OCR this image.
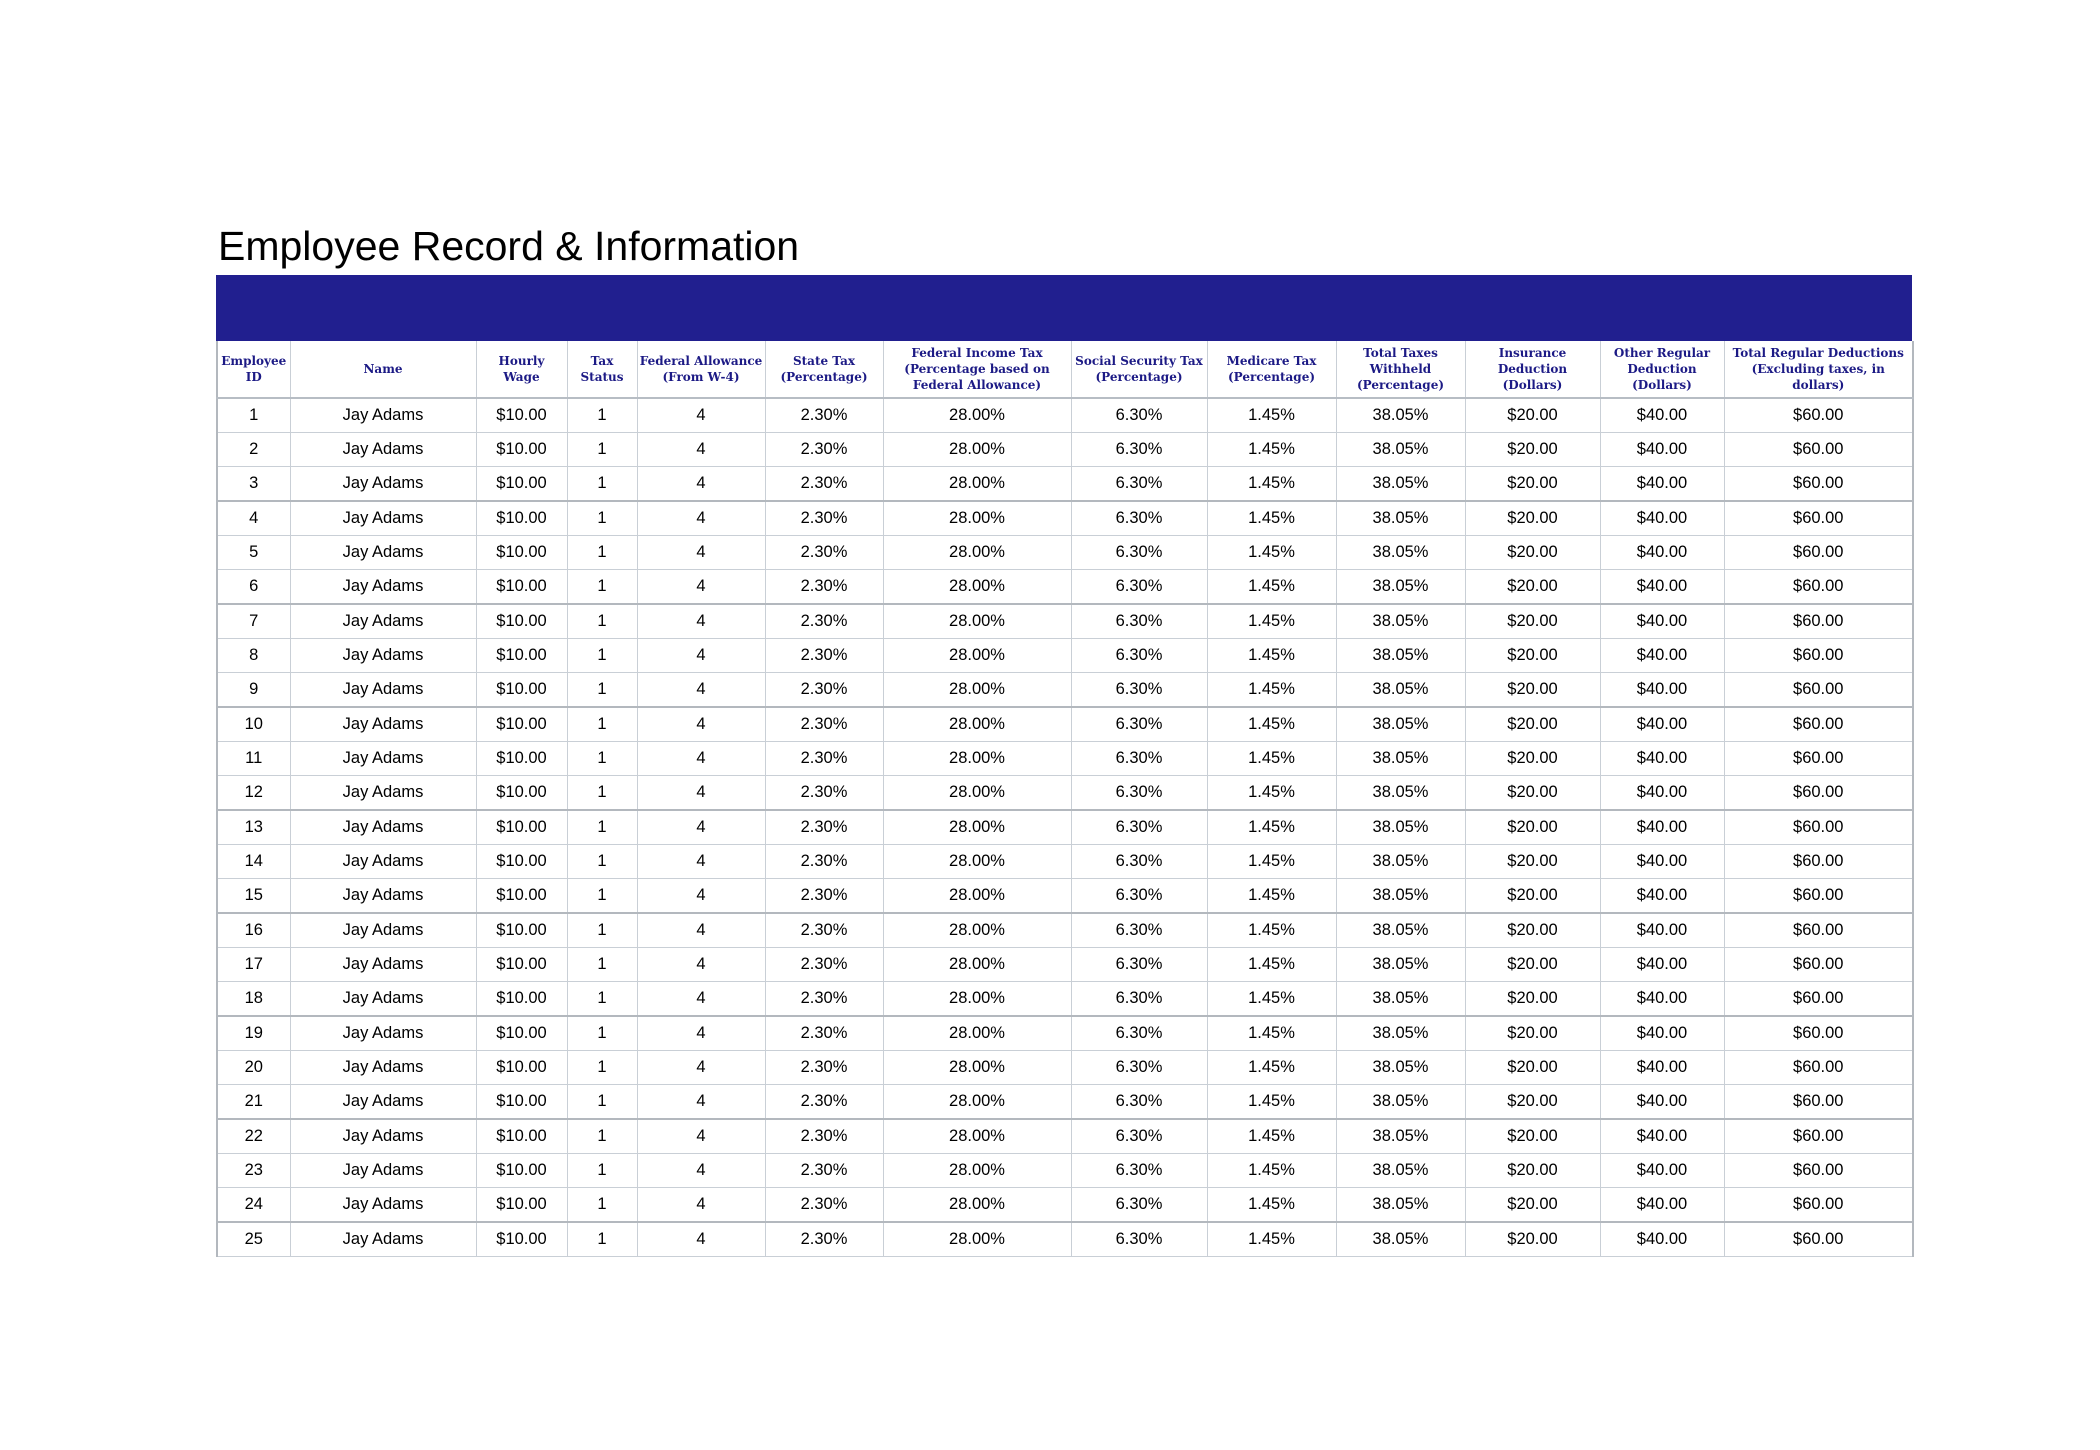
Employee Record & Information
Employee ID	Name	Hourly Wage	Tax Status	Federal Allowance (From W-4)	State Tax (Percentage)	Federal Income Tax (Percentage based on Federal Allowance)	Social Security Tax (Percentage)	Medicare Tax (Percentage)	Total Taxes Withheld (Percentage)	Insurance Deduction (Dollars)	Other Regular Deduction (Dollars)	Total Regular Deductions (Excluding taxes, in dollars)
1	Jay Adams	$10.00	1	4	2.30%	28.00%	6.30%	1.45%	38.05%	$20.00	$40.00	$60.00
2	Jay Adams	$10.00	1	4	2.30%	28.00%	6.30%	1.45%	38.05%	$20.00	$40.00	$60.00
3	Jay Adams	$10.00	1	4	2.30%	28.00%	6.30%	1.45%	38.05%	$20.00	$40.00	$60.00
4	Jay Adams	$10.00	1	4	2.30%	28.00%	6.30%	1.45%	38.05%	$20.00	$40.00	$60.00
5	Jay Adams	$10.00	1	4	2.30%	28.00%	6.30%	1.45%	38.05%	$20.00	$40.00	$60.00
6	Jay Adams	$10.00	1	4	2.30%	28.00%	6.30%	1.45%	38.05%	$20.00	$40.00	$60.00
7	Jay Adams	$10.00	1	4	2.30%	28.00%	6.30%	1.45%	38.05%	$20.00	$40.00	$60.00
8	Jay Adams	$10.00	1	4	2.30%	28.00%	6.30%	1.45%	38.05%	$20.00	$40.00	$60.00
9	Jay Adams	$10.00	1	4	2.30%	28.00%	6.30%	1.45%	38.05%	$20.00	$40.00	$60.00
10	Jay Adams	$10.00	1	4	2.30%	28.00%	6.30%	1.45%	38.05%	$20.00	$40.00	$60.00
11	Jay Adams	$10.00	1	4	2.30%	28.00%	6.30%	1.45%	38.05%	$20.00	$40.00	$60.00
12	Jay Adams	$10.00	1	4	2.30%	28.00%	6.30%	1.45%	38.05%	$20.00	$40.00	$60.00
13	Jay Adams	$10.00	1	4	2.30%	28.00%	6.30%	1.45%	38.05%	$20.00	$40.00	$60.00
14	Jay Adams	$10.00	1	4	2.30%	28.00%	6.30%	1.45%	38.05%	$20.00	$40.00	$60.00
15	Jay Adams	$10.00	1	4	2.30%	28.00%	6.30%	1.45%	38.05%	$20.00	$40.00	$60.00
16	Jay Adams	$10.00	1	4	2.30%	28.00%	6.30%	1.45%	38.05%	$20.00	$40.00	$60.00
17	Jay Adams	$10.00	1	4	2.30%	28.00%	6.30%	1.45%	38.05%	$20.00	$40.00	$60.00
18	Jay Adams	$10.00	1	4	2.30%	28.00%	6.30%	1.45%	38.05%	$20.00	$40.00	$60.00
19	Jay Adams	$10.00	1	4	2.30%	28.00%	6.30%	1.45%	38.05%	$20.00	$40.00	$60.00
20	Jay Adams	$10.00	1	4	2.30%	28.00%	6.30%	1.45%	38.05%	$20.00	$40.00	$60.00
21	Jay Adams	$10.00	1	4	2.30%	28.00%	6.30%	1.45%	38.05%	$20.00	$40.00	$60.00
22	Jay Adams	$10.00	1	4	2.30%	28.00%	6.30%	1.45%	38.05%	$20.00	$40.00	$60.00
23	Jay Adams	$10.00	1	4	2.30%	28.00%	6.30%	1.45%	38.05%	$20.00	$40.00	$60.00
24	Jay Adams	$10.00	1	4	2.30%	28.00%	6.30%	1.45%	38.05%	$20.00	$40.00	$60.00
25	Jay Adams	$10.00	1	4	2.30%	28.00%	6.30%	1.45%	38.05%	$20.00	$40.00	$60.00
